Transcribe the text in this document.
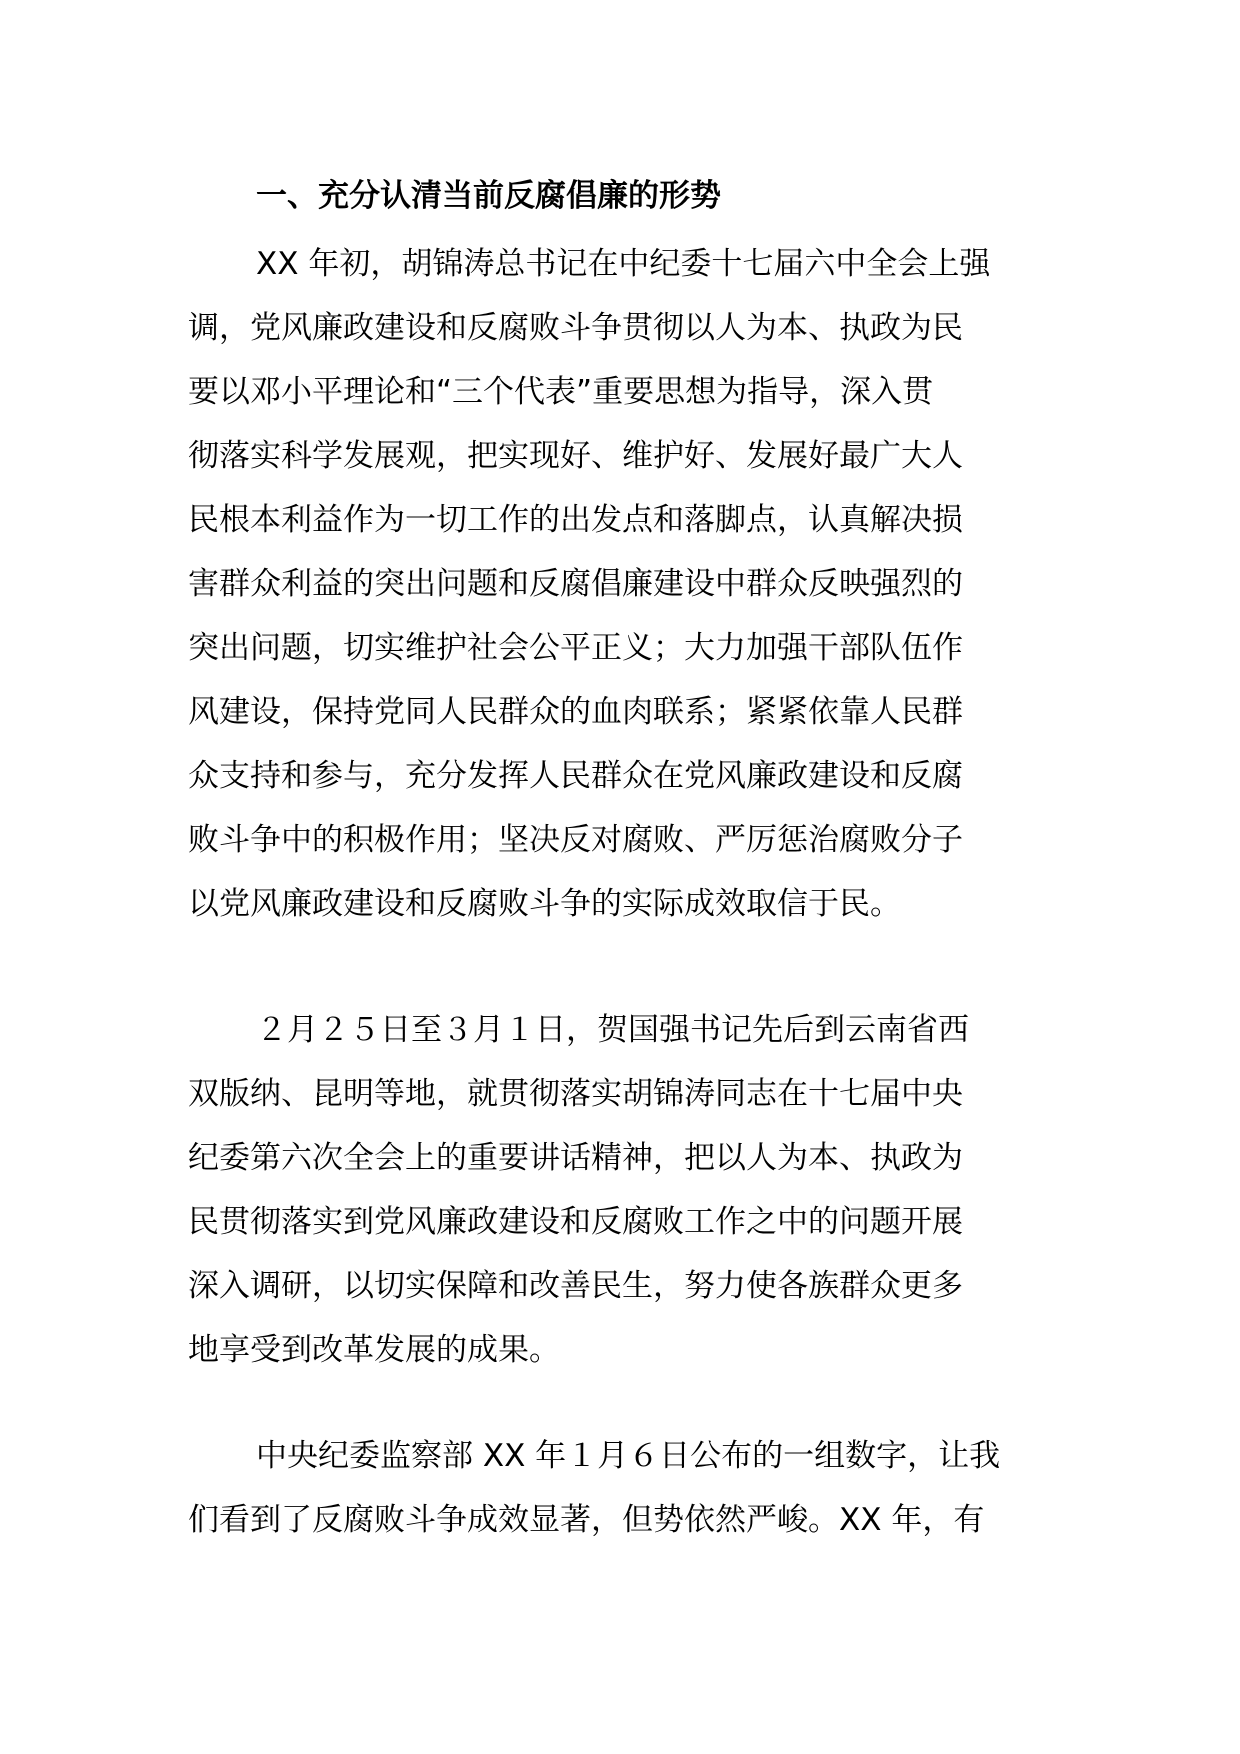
一、充分认清当前反腐倡廉的形势
XX 年初，胡锦涛总书记在中纪委十七届六中全会上强
调，党风廉政建设和反腐败斗争贯彻以人为本、执政为民
要以邓小平理论和“三个代表”重要思想为指导，深入贯
彻落实科学发展观，把实现好、维护好、发展好最广大人
民根本利益作为一切工作的出发点和落脚点，认真解决损
害群众利益的突出问题和反腐倡廉建设中群众反映强烈的
突出问题，切实维护社会公平正义；大力加强干部队伍作
风建设，保持党同人民群众的血肉联系；紧紧依靠人民群
众支持和参与，充分发挥人民群众在党风廉政建设和反腐
败斗争中的积极作用；坚决反对腐败、严厉惩治腐败分子
以党风廉政建设和反腐败斗争的实际成效取信于民。
２月２５日至３月１日，贺国强书记先后到云南省西
双版纳、昆明等地，就贯彻落实胡锦涛同志在十七届中央
纪委第六次全会上的重要讲话精神，把以人为本、执政为
民贯彻落实到党风廉政建设和反腐败工作之中的问题开展
深入调研，以切实保障和改善民生，努力使各族群众更多
地享受到改革发展的成果。
中央纪委监察部 XX 年１月６日公布的一组数字，让我
们看到了反腐败斗争成效显著，但势依然严峻。XX 年，有
